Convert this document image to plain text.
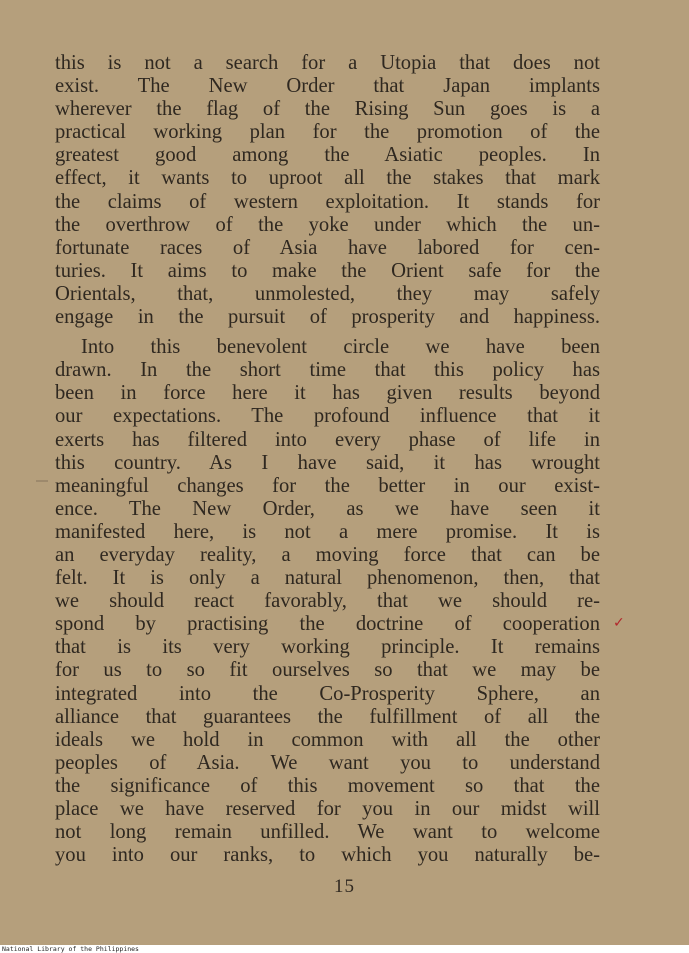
this is not a search for a Utopia that does not
exist. The New Order that Japan implants
wherever the flag of the Rising Sun goes is a
practical working plan for the promotion of the
greatest good among the Asiatic peoples. In
effect, it wants to uproot all the stakes that mark
the claims of western exploitation. It stands for
the overthrow of the yoke under which the un-
fortunate races of Asia have labored for cen-
turies. It aims to make the Orient safe for the
Orientals, that, unmolested, they may safely
engage in the pursuit of prosperity and happiness.
Into this benevolent circle we have been
drawn. In the short time that this policy has
been in force here it has given results beyond
our expectations. The profound influence that it
exerts has filtered into every phase of life in
this country. As I have said, it has wrought
meaningful changes for the better in our exist-
ence. The New Order, as we have seen it
manifested here, is not a mere promise. It is
an everyday reality, a moving force that can be
felt. It is only a natural phenomenon, then, that
we should react favorably, that we should re-
spond by practising the doctrine of cooperation
that is its very working principle. It remains
for us to so fit ourselves so that we may be
integrated into the Co-Prosperity Sphere, an
alliance that guarantees the fulfillment of all the
ideals we hold in common with all the other
peoples of Asia. We want you to understand
the significance of this movement so that the
place we have reserved for you in our midst will
not long remain unfilled. We want to welcome
you into our ranks, to which you naturally be-
✓
15
National Library of the Philippines
